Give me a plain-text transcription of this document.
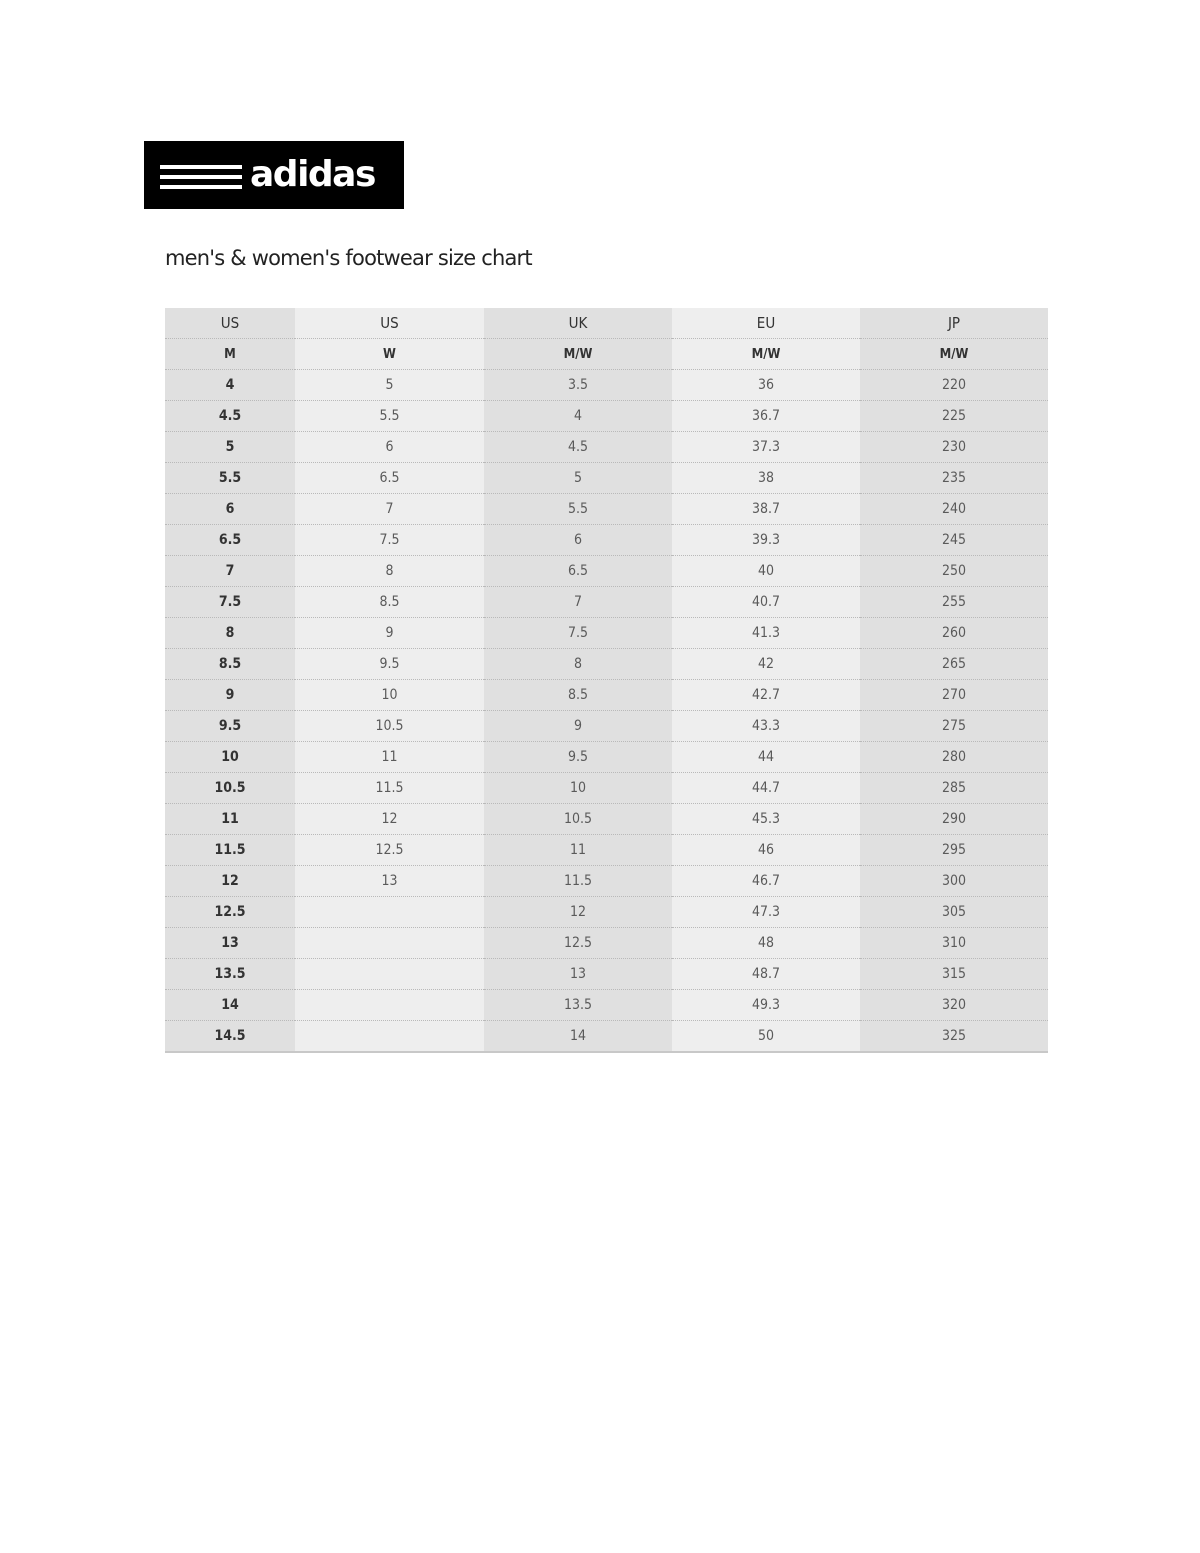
adidas
men's & women's footwear size chart
US	US	UK	EU	JP
M	W	M/W	M/W	M/W
4	5	3.5	36	220
4.5	5.5	4	36.7	225
5	6	4.5	37.3	230
5.5	6.5	5	38	235
6	7	5.5	38.7	240
6.5	7.5	6	39.3	245
7	8	6.5	40	250
7.5	8.5	7	40.7	255
8	9	7.5	41.3	260
8.5	9.5	8	42	265
9	10	8.5	42.7	270
9.5	10.5	9	43.3	275
10	11	9.5	44	280
10.5	11.5	10	44.7	285
11	12	10.5	45.3	290
11.5	12.5	11	46	295
12	13	11.5	46.7	300
12.5		12	47.3	305
13		12.5	48	310
13.5		13	48.7	315
14		13.5	49.3	320
14.5		14	50	325
